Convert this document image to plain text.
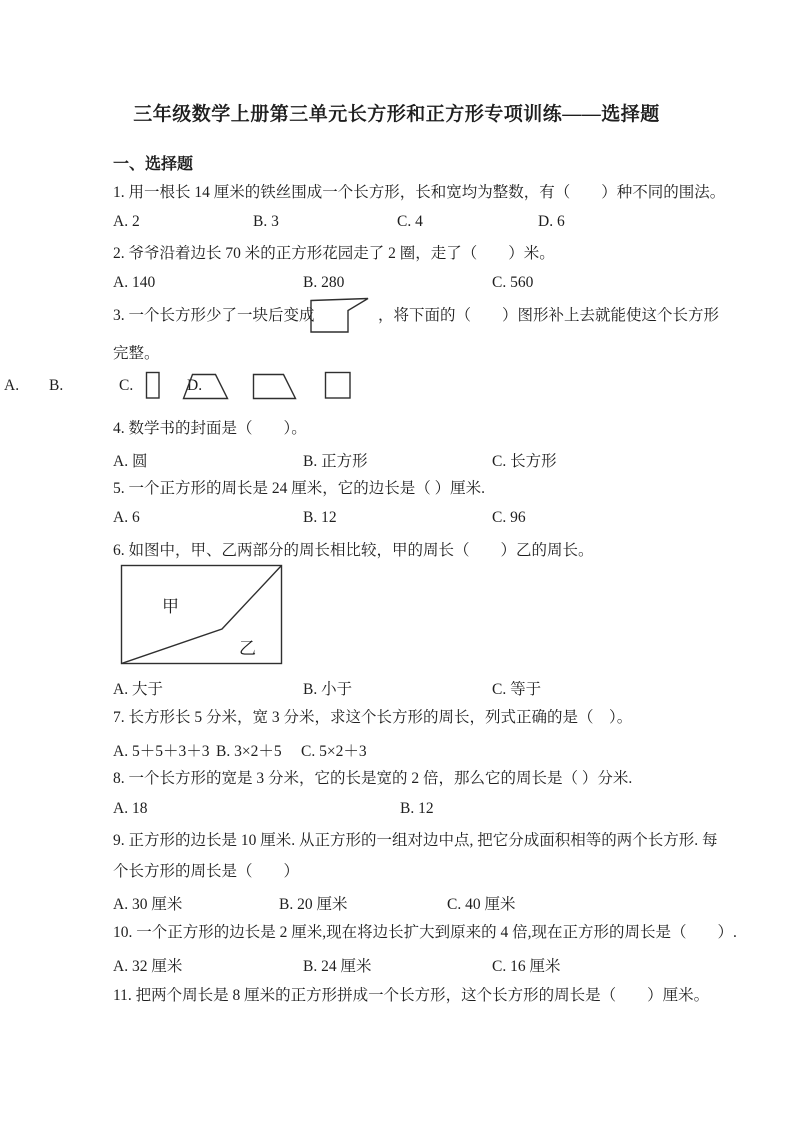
三年级数学上册第三单元长方形和正方形专项训练——选择题
一、选择题
1. 用一根长 14 厘米的铁丝围成一个长方形，长和宽均为整数，有（　　）种不同的围法。
A. 2	B. 3	C. 4	D. 6
2. 爷爷沿着边长 70 米的正方形花园走了 2 圈，走了（　　）米。
A. 140	B. 280	C. 560
3. 一个长方形少了一块后变成	，将下面的（　　）图形补上去就能使这个长方形
完整。
A. B.	C.	D.
4. 数学书的封面是（　　）。
A. 圆	B. 正方形	C. 长方形
5. 一个正方形的周长是 24 厘米，它的边长是（ ）厘米.
A. 6	B. 12	C. 96
6. 如图中，甲、乙两部分的周长相比较，甲的周长（　　）乙的周长。
甲
乙
A. 大于	B. 小于	C. 等于
7. 长方形长 5 分米，宽 3 分米，求这个长方形的周长，列式正确的是（　）。
A. 5＋5＋3＋3 B. 3×2＋5 C. 5×2＋3
8. 一个长方形的宽是 3 分米，它的长是宽的 2 倍，那么它的周长是（ ）分米.
A. 18	B. 12
9. 正方形的边长是 10 厘米. 从正方形的一组对边中点, 把它分成面积相等的两个长方形. 每
个长方形的周长是（　　）
A. 30 厘米	B. 20 厘米	C. 40 厘米
10. 一个正方形的边长是 2 厘米,现在将边长扩大到原来的 4 倍,现在正方形的周长是（　　）.
A. 32 厘米	B. 24 厘米	C. 16 厘米
11. 把两个周长是 8 厘米的正方形拼成一个长方形，这个长方形的周长是（　　）厘米。
